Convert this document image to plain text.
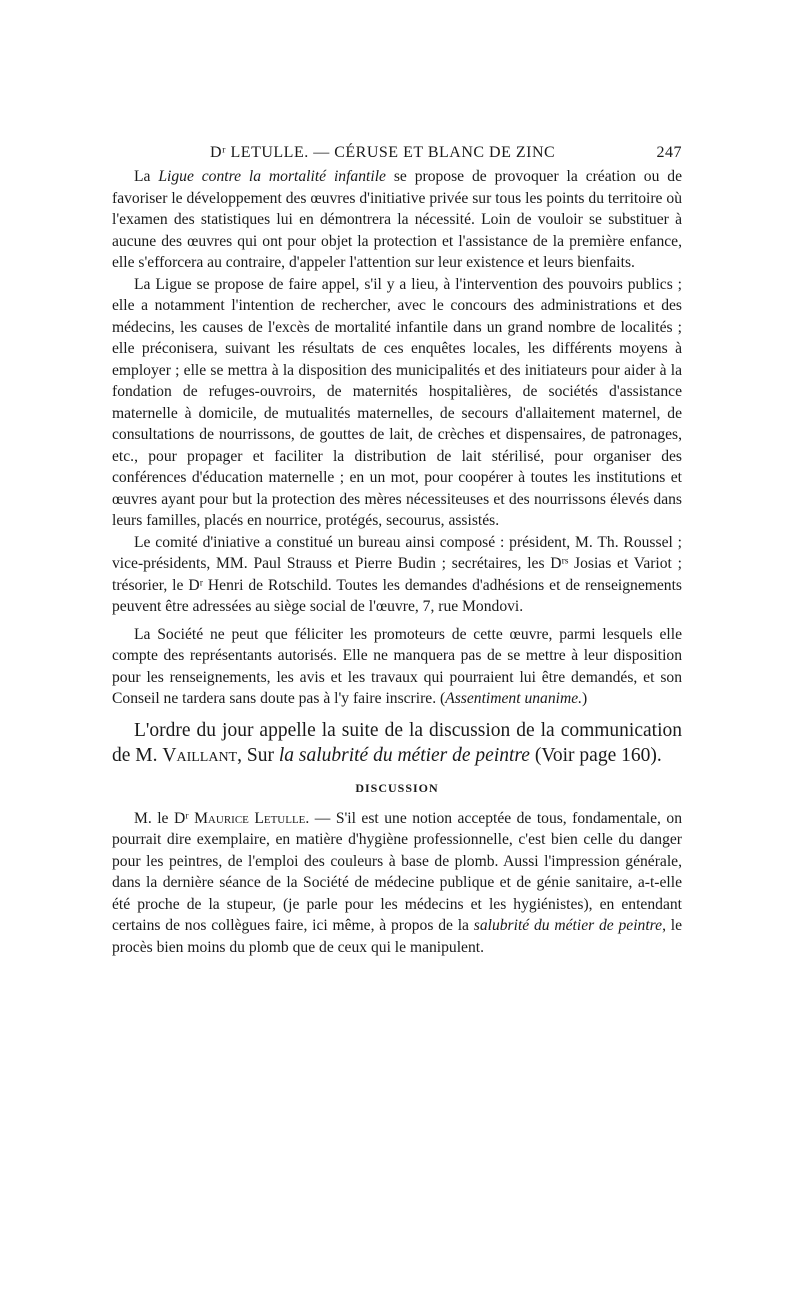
Dʳ LETULLE. — CÉRUSE ET BLANC DE ZINC	247

La Ligue contre la mortalité infantile se propose de provoquer la création ou de favoriser le développement des œuvres d'initiative privée sur tous les points du territoire où l'examen des statistiques lui en démontrera la nécessité. Loin de vouloir se substituer à aucune des œuvres qui ont pour objet la protection et l'assistance de la première enfance, elle s'efforcera au contraire, d'appeler l'attention sur leur existence et leurs bienfaits.

La Ligue se propose de faire appel, s'il y a lieu, à l'intervention des pouvoirs publics ; elle a notamment l'intention de rechercher, avec le concours des administrations et des médecins, les causes de l'excès de mortalité infantile dans un grand nombre de localités ; elle préconisera, suivant les résultats de ces enquêtes locales, les différents moyens à employer ; elle se mettra à la disposition des municipalités et des initiateurs pour aider à la fondation de refuges-ouvroirs, de maternités hospitalières, de sociétés d'assistance maternelle à domicile, de mutualités maternelles, de secours d'allaitement maternel, de consultations de nourrissons, de gouttes de lait, de crèches et dispensaires, de patronages, etc., pour propager et faciliter la distribution de lait stérilisé, pour organiser des conférences d'éducation maternelle ; en un mot, pour coopérer à toutes les institutions et œuvres ayant pour but la protection des mères nécessiteuses et des nourrissons élevés dans leurs familles, placés en nourrice, protégés, secourus, assistés.

Le comité d'iniative a constitué un bureau ainsi composé : président, M. Th. Roussel ; vice-présidents, MM. Paul Strauss et Pierre Budin ; secrétaires, les Dʳˢ Josias et Variot ; trésorier, le Dʳ Henri de Rotschild. Toutes les demandes d'adhésions et de renseignements peuvent être adressées au siège social de l'œuvre, 7, rue Mondovi.

La Société ne peut que féliciter les promoteurs de cette œuvre, parmi lesquels elle compte des représentants autorisés. Elle ne manquera pas de se mettre à leur disposition pour les renseignements, les avis et les travaux qui pourraient lui être demandés, et son Conseil ne tardera sans doute pas à l'y faire inscrire. (Assentiment unanime.)

L'ordre du jour appelle la suite de la discussion de la communication de M. Vaillant, Sur la salubrité du métier de peintre (Voir page 160).
DISCUSSION

M. le Dʳ Maurice Letulle. — S'il est une notion acceptée de tous, fondamentale, on pourrait dire exemplaire, en matière d'hygiène professionnelle, c'est bien celle du danger pour les peintres, de l'emploi des couleurs à base de plomb. Aussi l'impression générale, dans la dernière séance de la Société de médecine publique et de génie sanitaire, a-t-elle été proche de la stupeur, (je parle pour les médecins et les hygiénistes), en entendant certains de nos collègues faire, ici même, à propos de la salubrité du métier de peintre, le procès bien moins du plomb que de ceux qui le manipulent.
